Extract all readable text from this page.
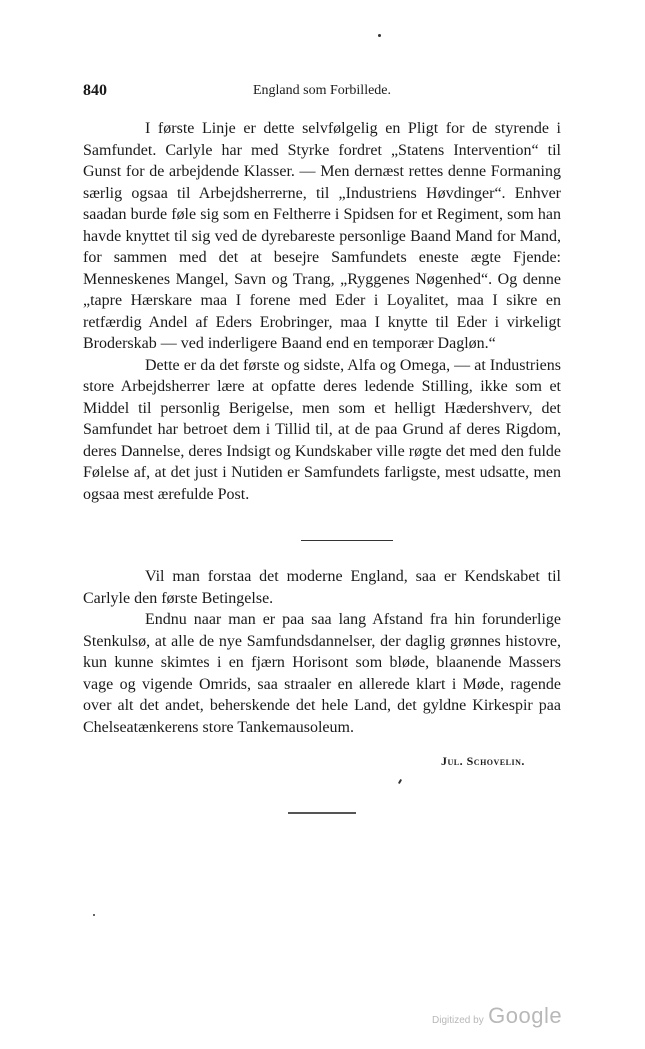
840	England som Forbillede.

I første Linje er dette selvfølgelig en Pligt for de styrende i Samfundet. Carlyle har med Styrke fordret „Statens Intervention“ til Gunst for de arbejdende Klasser. — Men dernæst rettes denne Formaning særlig ogsaa til Arbejdsherrerne, til „Industriens Høvdinger“. Enhver saadan burde føle sig som en Feltherre i Spidsen for et Regiment, som han havde knyttet til sig ved de dyrebareste personlige Baand Mand for Mand, for sammen med det at besejre Samfundets eneste ægte Fjende: Menneskenes Mangel, Savn og Trang, „Ryggenes Nøgenhed“. Og denne „tapre Hærskare maa I forene med Eder i Loyalitet, maa I sikre en retfærdig Andel af Eders Erobringer, maa I knytte til Eder i virkeligt Broderskab — ved inderligere Baand end en temporær Dagløn.“

Dette er da det første og sidste, Alfa og Omega, — at Industriens store Arbejdsherrer lære at opfatte deres ledende Stilling, ikke som et Middel til personlig Berigelse, men som et helligt Hædershverv, det Samfundet har betroet dem i Tillid til, at de paa Grund af deres Rigdom, deres Dannelse, deres Indsigt og Kundskaber ville røgte det med den fulde Følelse af, at det just i Nutiden er Samfundets farligste, mest udsatte, men ogsaa mest ærefulde Post.

Vil man forstaa det moderne England, saa er Kendskabet til Carlyle den første Betingelse.

Endnu naar man er paa saa lang Afstand fra hin forunderlige Stenkulsø, at alle de nye Samfundsdannelser, der daglig grønnes histovre, kun kunne skimtes i en fjærn Horisont som bløde, blaanende Massers vage og vigende Omrids, saa straaler en allerede klart i Møde, ragende over alt det andet, beherskende det hele Land, det gyldne Kirkespir paa Chelseatænkerens store Tankemausoleum.

Jul. Schovelin.
Digitized by Google
